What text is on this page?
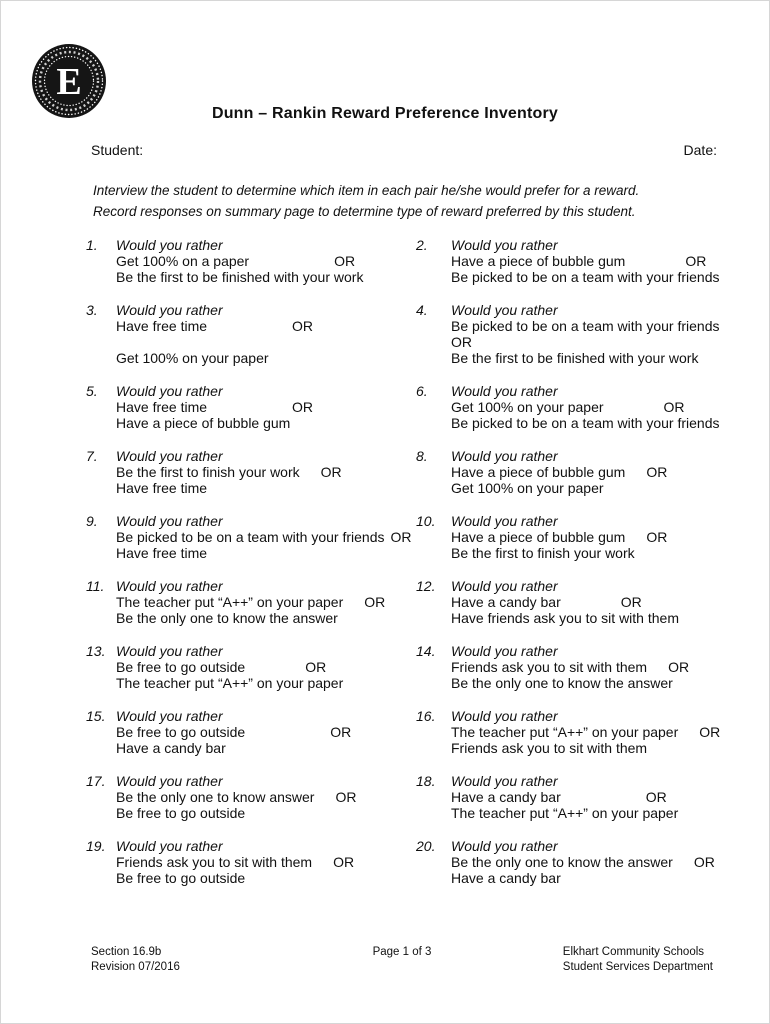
E
Dunn – Rankin Reward Preference Inventory
Student:	Date:
Interview the student to determine which item in each pair he/she would prefer for a reward.
Record responses on summary page to determine type of reward preferred by this student.
1.	Would you rather
Get 100% on a paper	OR
Be the first to be finished with your work
2.	Would you rather
Have a piece of bubble gum	OR
Be picked to be on a team with your friends
3.	Would you rather
Have free time	OR
Get 100% on your paper
4.	Would you rather
Be picked to be on a team with your friends
OR
Be the first to be finished with your work
5.	Would you rather
Have free time	OR
Have a piece of bubble gum
6.	Would you rather
Get 100% on your paper	OR
Be picked to be on a team with your friends
7.	Would you rather
Be the first to finish your work OR
Have free time
8.	Would you rather
Have a piece of bubble gum OR
Get 100% on your paper
9.	Would you rather
Be picked to be on a team with your friends OR
Have free time
10.	Would you rather
Have a piece of bubble gum OR
Be the first to finish your work
11. Would you rather
The teacher put “A++” on your paper OR
Be the only one to know the answer
12.	Would you rather
Have a candy bar	OR
Have friends ask you to sit with them
13. Would you rather
Be free to go outside	OR
The teacher put “A++” on your paper
14.	Would you rather
Friends ask you to sit with them OR
Be the only one to know the answer
15. Would you rather
Be free to go outside	OR
Have a candy bar
16.	Would you rather
The teacher put “A++” on your paper OR
Friends ask you to sit with them
17. Would you rather
Be the only one to know answer OR
Be free to go outside
18.	Would you rather
Have a candy bar	OR
The teacher put “A++” on your paper
19. Would you rather
Friends ask you to sit with them OR
Be free to go outside
20.	Would you rather
Be the only one to know the answer OR
Have a candy bar
Section 16.9b
Revision 07/2016
Page 1 of 3	Elkhart Community Schools
Student Services Department
